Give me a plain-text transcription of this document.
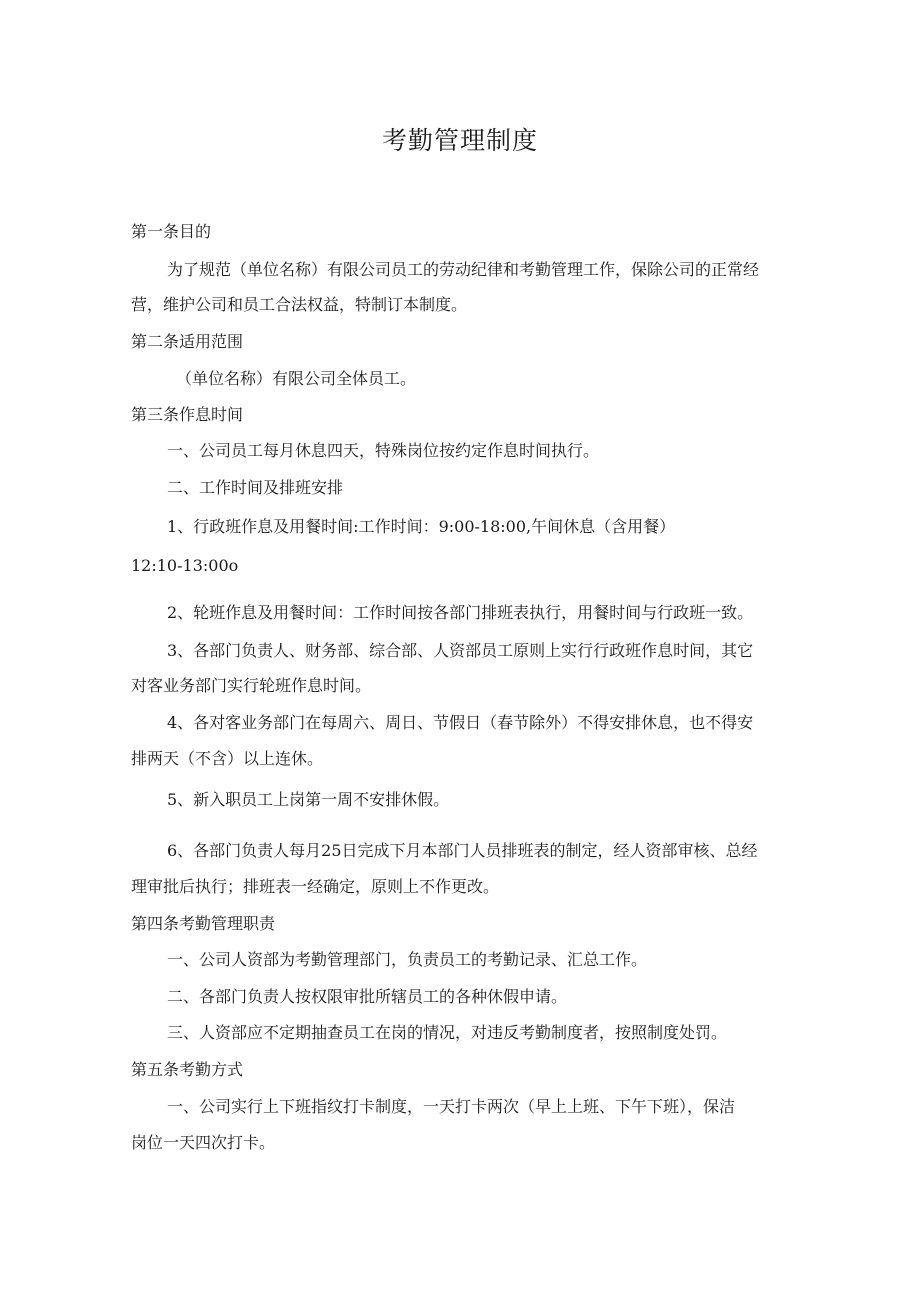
考勤管理制度
第一条目的
为了规范（单位名称）有限公司员工的劳动纪律和考勤管理工作，保除公司的正常经
营，维护公司和员工合法权益，特制订本制度。
第二条适用范围
（单位名称）有限公司全体员工。
第三条作息时间
一、公司员工每月休息四天，特殊岗位按约定作息时间执行。
二、工作时间及排班安排
1、行政班作息及用餐时间:工作时间：9:00-18:00,午间休息（含用餐）
12:10-13:00o
2、轮班作息及用餐时间：工作时间按各部门排班表执行，用餐时间与行政班一致。
3、各部门负责人、财务部、综合部、人资部员工原则上实行行政班作息时间，其它
对客业务部门实行轮班作息时间。
4、各对客业务部门在每周六、周日、节假日（春节除外）不得安排休息，也不得安
排两天（不含）以上连休。
5、新入职员工上岗第一周不安排休假。
6、各部门负责人每月25日完成下月本部门人员排班表的制定，经人资部审核、总经
理审批后执行；排班表一经确定，原则上不作更改。
第四条考勤管理职责
一、公司人资部为考勤管理部门，负责员工的考勤记录、汇总工作。
二、各部门负责人按权限审批所辖员工的各种休假申请。
三、人资部应不定期抽查员工在岗的情况，对违反考勤制度者，按照制度处罚。
第五条考勤方式
一、公司实行上下班指纹打卡制度，一天打卡两次（早上上班、下午下班），保洁
岗位一天四次打卡。
